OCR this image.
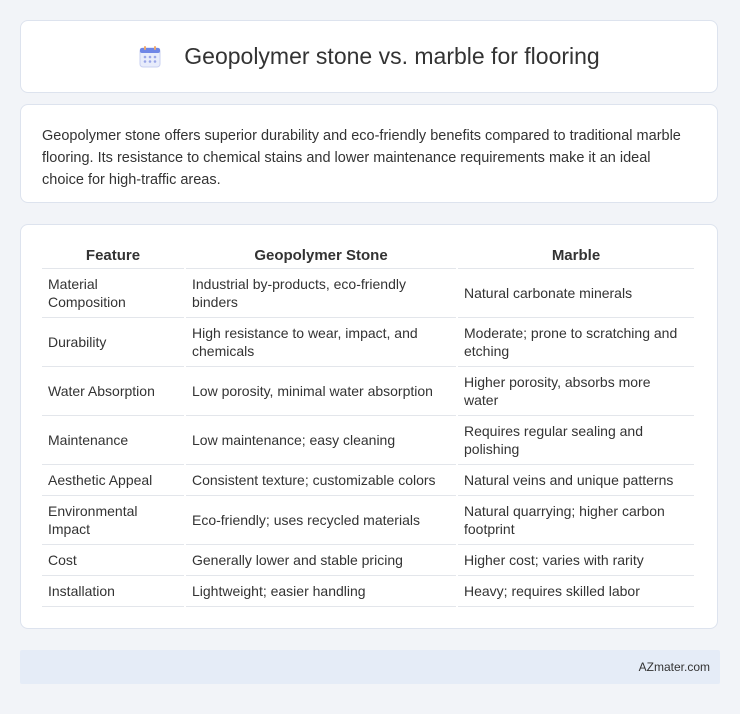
Geopolymer stone vs. marble for flooring

Geopolymer stone offers superior durability and eco-friendly benefits compared to traditional marble flooring. Its resistance to chemical stains and lower maintenance requirements make it an ideal choice for high-traffic areas.

Feature	Geopolymer Stone	Marble
Material Composition	Industrial by-products, eco-friendly binders	Natural carbonate minerals
Durability	High resistance to wear, impact, and chemicals	Moderate; prone to scratching and etching
Water Absorption	Low porosity, minimal water absorption	Higher porosity, absorbs more water
Maintenance	Low maintenance; easy cleaning	Requires regular sealing and polishing
Aesthetic Appeal	Consistent texture; customizable colors	Natural veins and unique patterns
Environmental Impact	Eco-friendly; uses recycled materials	Natural quarrying; higher carbon footprint
Cost	Generally lower and stable pricing	Higher cost; varies with rarity
Installation	Lightweight; easier handling	Heavy; requires skilled labor
AZmater.com
